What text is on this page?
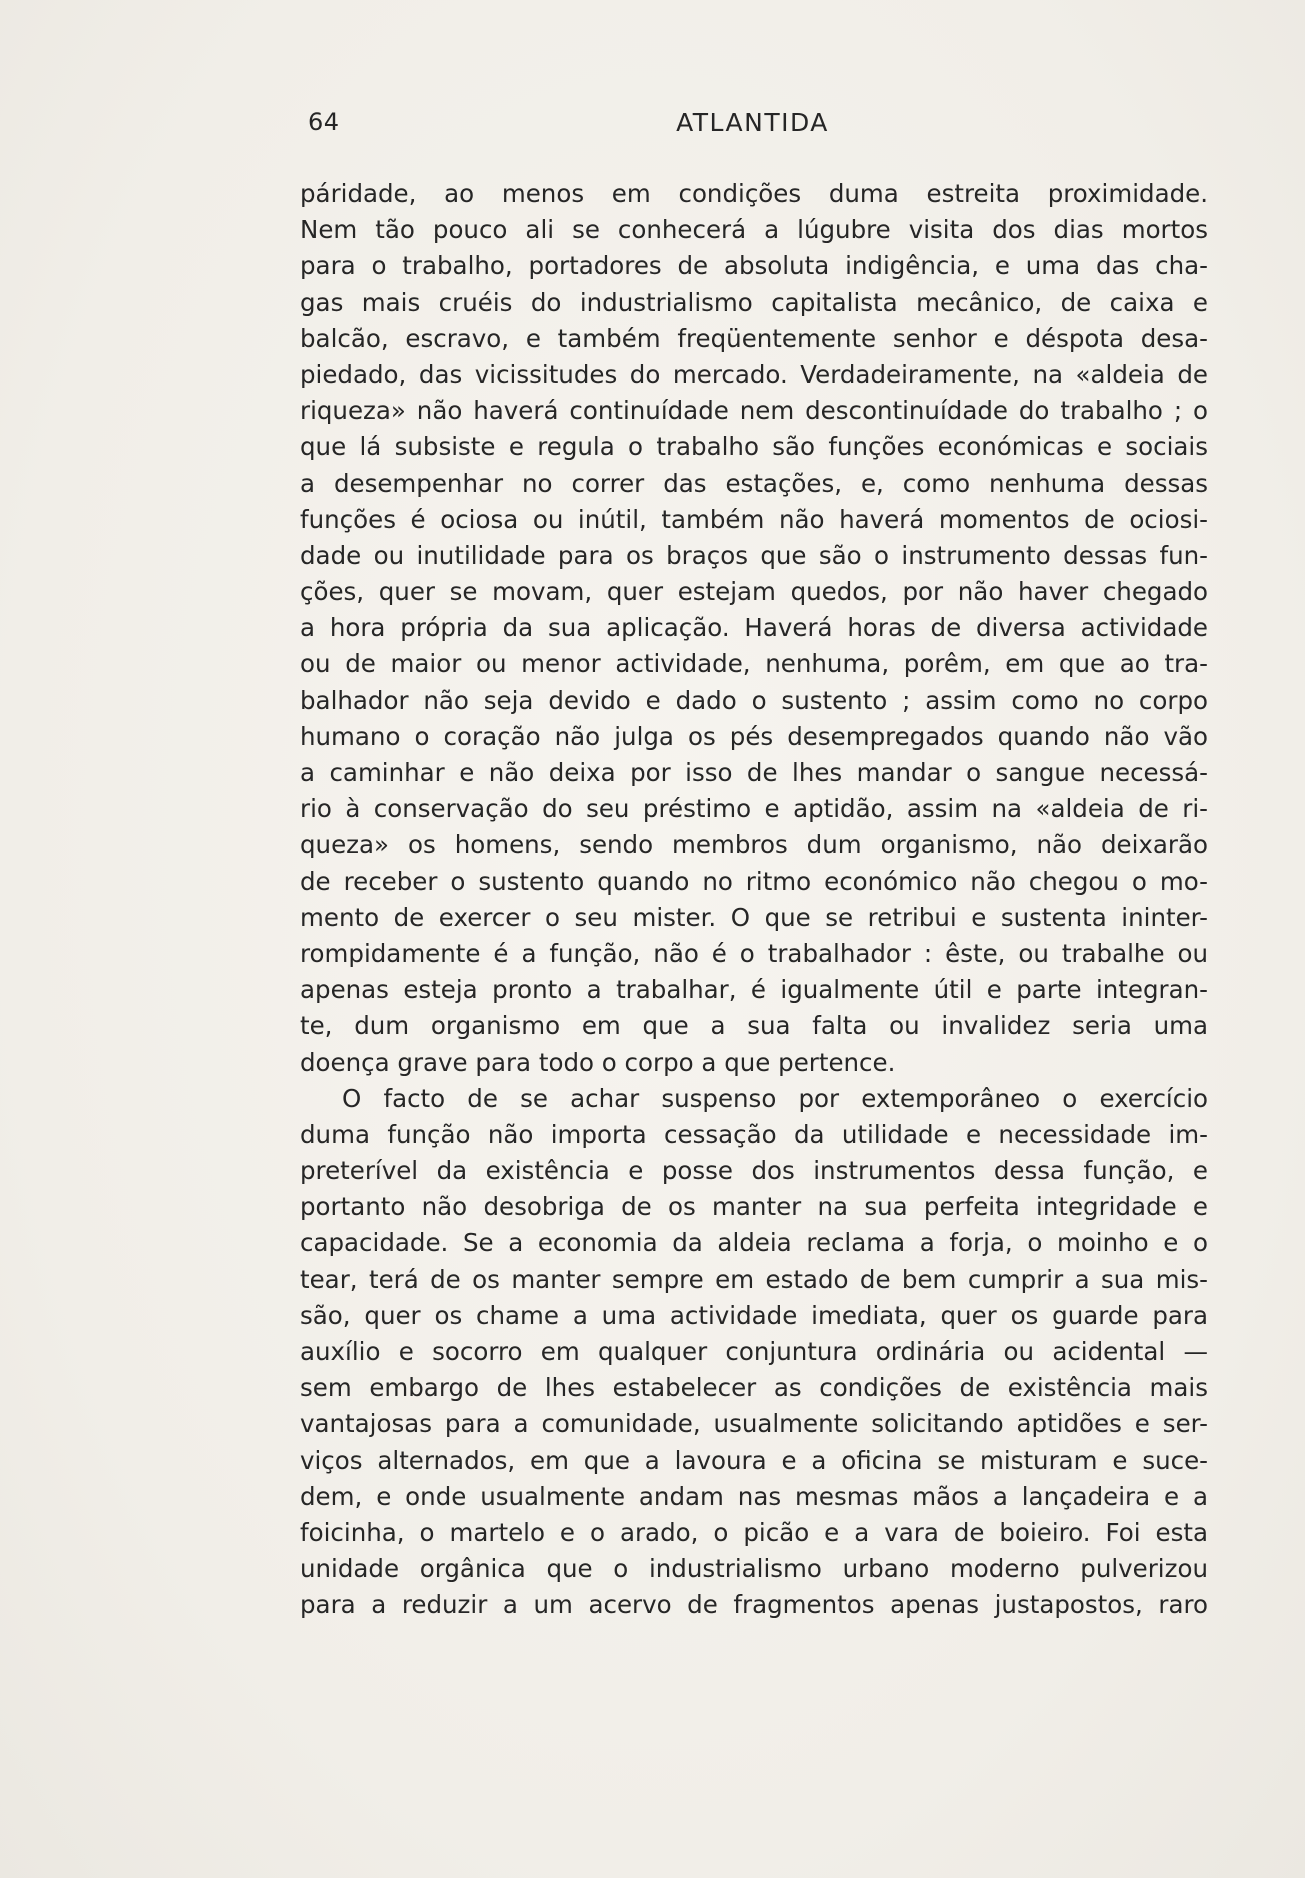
64	ATLANTIDA
páridade, ao menos em condições duma estreita proximidade.
Nem tão pouco ali se conhecerá a lúgubre visita dos dias mortos
para o trabalho, portadores de absoluta indigência, e uma das cha-
gas mais cruéis do industrialismo capitalista mecânico, de caixa e
balcão, escravo, e também freqüentemente senhor e déspota desa-
piedado, das vicissitudes do mercado. Verdadeiramente, na «aldeia de
riqueza» não haverá continuídade nem descontinuídade do trabalho ; o
que lá subsiste e regula o trabalho são funções económicas e sociais
a desempenhar no correr das estações, e, como nenhuma dessas
funções é ociosa ou inútil, também não haverá momentos de ociosi-
dade ou inutilidade para os braços que são o instrumento dessas fun-
ções, quer se movam, quer estejam quedos, por não haver chegado
a hora própria da sua aplicação. Haverá horas de diversa actividade
ou de maior ou menor actividade, nenhuma, porêm, em que ao tra-
balhador não seja devido e dado o sustento ; assim como no corpo
humano o coração não julga os pés desempregados quando não vão
a caminhar e não deixa por isso de lhes mandar o sangue necessá-
rio à conservação do seu préstimo e aptidão, assim na «aldeia de ri-
queza» os homens, sendo membros dum organismo, não deixarão
de receber o sustento quando no ritmo económico não chegou o mo-
mento de exercer o seu mister. O que se retribui e sustenta ininter-
rompidamente é a função, não é o trabalhador : êste, ou trabalhe ou
apenas esteja pronto a trabalhar, é igualmente útil e parte integran-
te, dum organismo em que a sua falta ou invalidez seria uma
doença grave para todo o corpo a que pertence.
O facto de se achar suspenso por extemporâneo o exercício
duma função não importa cessação da utilidade e necessidade im-
preterível da existência e posse dos instrumentos dessa função, e
portanto não desobriga de os manter na sua perfeita integridade e
capacidade. Se a economia da aldeia reclama a forja, o moinho e o
tear, terá de os manter sempre em estado de bem cumprir a sua mis-
são, quer os chame a uma actividade imediata, quer os guarde para
auxílio e socorro em qualquer conjuntura ordinária ou acidental —
sem embargo de lhes estabelecer as condições de existência mais
vantajosas para a comunidade, usualmente solicitando aptidões e ser-
viços alternados, em que a lavoura e a oficina se misturam e suce-
dem, e onde usualmente andam nas mesmas mãos a lançadeira e a
foicinha, o martelo e o arado, o picão e a vara de boieiro. Foi esta
unidade orgânica que o industrialismo urbano moderno pulverizou
para a reduzir a um acervo de fragmentos apenas justapostos, raro
